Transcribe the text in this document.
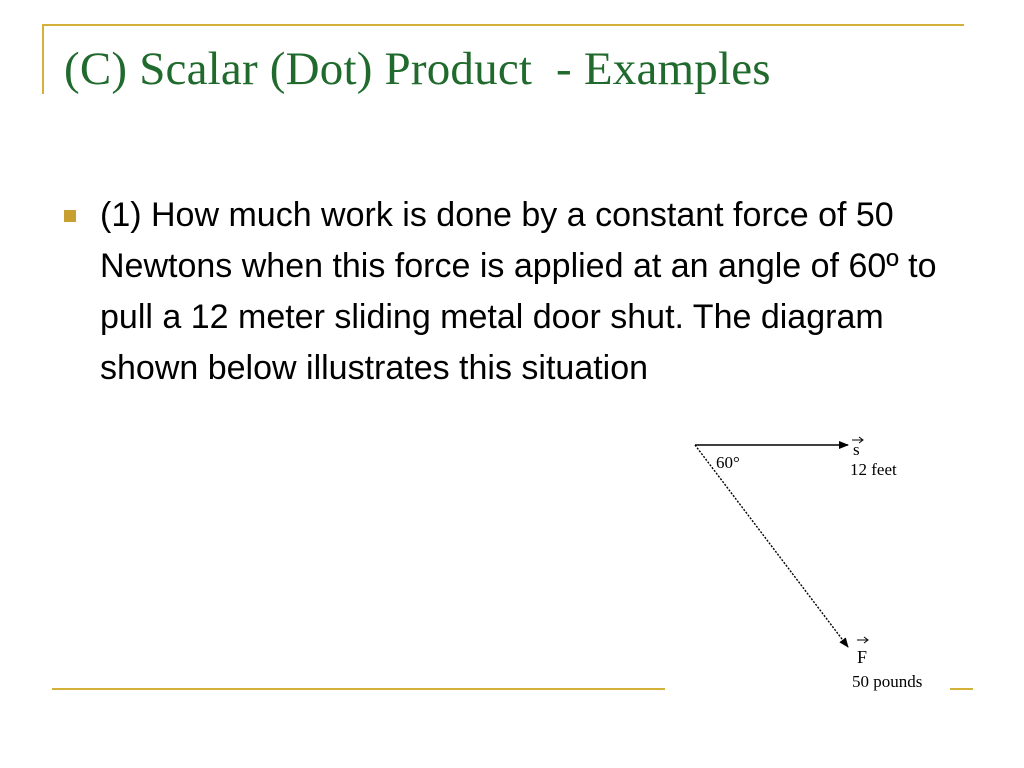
(C) Scalar (Dot) Product  - Examples

(1) How much work is done by a constant force of 50 Newtons when this force is applied at an angle of 60º to pull a 12 meter sliding metal door shut. The diagram shown below illustrates this situation

60°
s
12 feet
F
50 pounds
